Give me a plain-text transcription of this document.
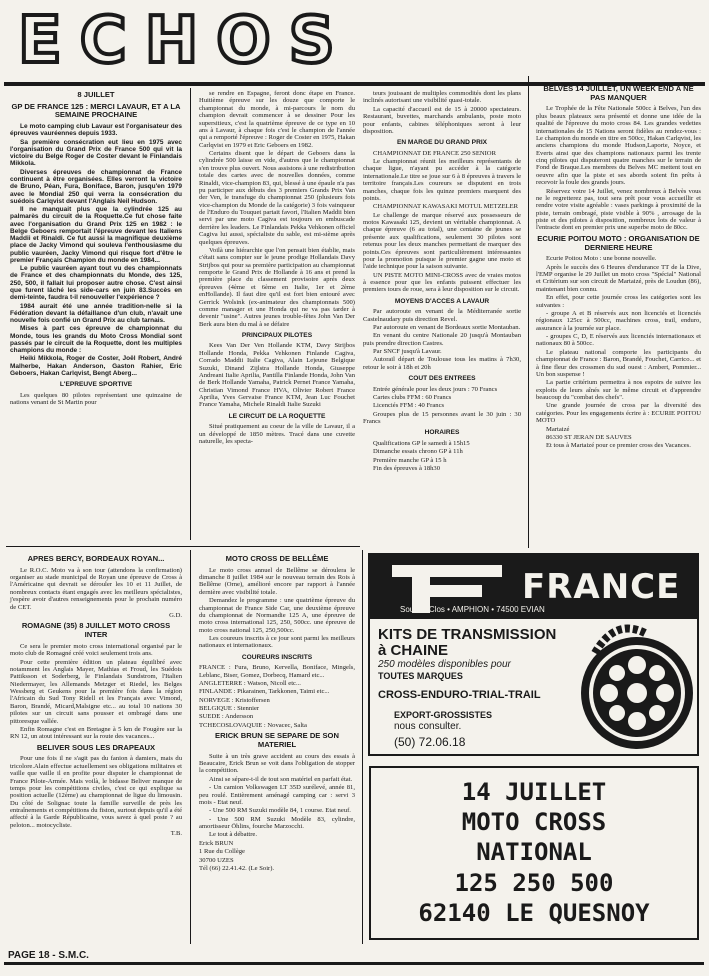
ECHOS
8 JUILLET
GP DE FRANCE 125 : MERCI LAVAUR, ET A LA SEMAINE PROCHAINE

Le moto camping club Lavaur est l'organisateur des épreuves vauréennes depuis 1933.

Sa première consécration eut lieu en 1975 avec l'organisation du Grand Prix de France 500 qui vit la victoire du Belge Roger de Coster devant le Finlandais Mikkola.

Diverses épreuves de championnat de France continuent à être organisées. Elles verront la victoire de Bruno, Péan, Fura, Boniface, Baron, jusqu'en 1979 avec le Mondial 250 qui verra la consécration du suédois Carlqvist devant l'Anglais Neil Hudson.

Il ne manquait plus que la cylindrée 125 au palmarès du circuit de la Roquette.Ce fut chose faite avec l'organisation du Grand Prix 125 en 1982 : le Belge Geboers remportait l'épreuve devant les Italiens Maddii et Rinaldi. Ce fut aussi la magnifique deuxième place de Jacky Vimond qui souleva l'enthousiasme du public vauréen, Jacky Vimond qui risque fort d'être le premier Français Champion du monde en 1984...

Le public vauréen ayant tout vu des championnats de France et des championnats du Monde, des 125, 250, 500, il fallait lui proposer autre chose. C'est ainsi que furent lâché les side-cars en juin 83.Succès en demi-teinte, faudra t-il renouveller l'expérience ?

1984 aurait été une année tradition-nelle si la Fédération devant la défaillance d'un club, n'avait une nouvelle fois confié un Grand Prix au club tarnais.

Mises à part ces épreuve de championnat du Monde, tous les grands du Moto Cross Mondial sont passés par le circuit de la Roquette, dont les multiples champions du monde :

Heiki Mikkola, Roger de Coster, Joël Robert, André Malherbe, Hakan Anderson, Gaston Rahier, Eric Geboers, Hakan Carlqvist, Bengt Aberg...

L'EPREUVE SPORTIVE

Les quelques 80 pilotes représentant une quinzaine de nations venant de St Martin pour

se rendre en Espagne, feront donc étape en France. Huitième épreuve sur les douze que comporte le championnat du monde, à mi-parcours le nom du champion devrait commencer à se dessiner Pour les supersitieux, c'est la quatrième épreuve de ce type en 10 ans à Lavaur, à chaque fois c'est le champion de l'année qui a remporté l'épreuve : Roger de Coster en 1975, Hakan Carlqvist en 1979 et Eric Geboers en 1982.

Certains disent que le départ de Geboers dans la cylindrée 500 laisse en vide, d'autres que le championnat s'en trouve plus ouvert. Nous assistons à une redistribution totale des cartes avec de nouvelles données, comme Rinaldi, vice-champion 83, qui, blessé à une épaule n'a pas pu participer aux débuts des 3 premiers Grands Prix Van der Ven, le transfuge du championnat 250 (plusieurs fois vice-champion du Monde de la catégorie) 3 fois vainqueur de l'Enduro du Touquet partait favori, l'Italien Maddii bien servi par une moto Cagiva est toujours en embuscade derrière les leaders. Le Finlandais Pekka Vehkonen officiel Cagiva lui aussi, spécialiste du sable, est mi-sième après quelques épreuves.

Voilà une hiérarchie que l'on pensait bien établie, mais c'était sans compter sur le jeune prodige Hollandais Davy Strijbos qui pour sa première participation au championnat remporte le Grand Prix de Hollande à 16 ans et prend la première place du classement provisoire après deux épreuves (4ème et 6ème en Italie, 1er et 2ème enHollande). Il faut dire qu'il est fort bien entouré avec Gerrick Wolsink (ex-animateur des championnats 500) comme manager et une Honda qui ne va pas tarder à devenir "usine". Autres jeunes trouble-fêtes John Van Der Berk aura bien du mal à se défaire

PRINCIPAUX PILOTES

Kees Van Der Ven Hollande KTM, Davy Strijbos Hollande Honda, Pekka Vehkonen Finlande Cagiva, Corrado Maddii Italie Cagiva, Alain Lejeune Belgique Suzuki, Dinand Zijlstra Hollande Honda, Giuseppe Andreani Italie Aprilia, Pantilla Finlande Honda, John Van de Berk Hollande Yamaha, Patrick Pernet France Yamaha, Christian Vimond France HVA, Olivier Robert France Aprilia, Yves Gervaise France KTM, Jean Luc Fouchet France Yamaha, Michele Rinaldi Italie Suzuki

LE CIRCUIT DE LA ROQUETTE

Situé pratiquement au coeur de la ville de Lavaur, il a un développé de 1850 mètres. Tracé dans une cuvette naturelle, les specta-

teurs jouissant de multiples commodités dont les plans inclinés autorisant une visibilité quasi-totale.

La capacité d'accueil est de 15 à 20000 spectateurs. Restaurant, buvettes, marchands ambulants, poste moto pour enfants, cabines téléphoniques seront à leur disposition.

EN MARGE DU GRAND PRIX

CHAMPIONNAT DE FRANCE 250 SENIOR

Le championnat réunit les meilleurs représentants de chaque ligue, n'ayant pu accéder à la catégorie internationale.Le titre se joue sur 6 à 8 épreuves à travers le territoire français.Les coureurs se disputent en trois manches, chaque fois les quinze premiers marquent des points.

CHAMPIONNAT KAWASAKI MOTUL METZELER

Le challenge de marque réservé aux possesseurs de motos Kawasaki 125, devient un véritable championnat. A chaque épreuve (6 au total), une centaine de jeunes se présente aux qualifications, seulement 30 pilotes sont retenus pour les deux manches permettant de marquer des points.Ces épreuves sont particulièrement intéressantes pour la promotion puisque le premier gagne une moto et l'aide technique pour la saison suivante.

UN PISTE MOTO MINI-CROSS avec de vraies motos à essence pour que les enfants puissent effectuer les premiers tours de roue, sera à leur disposition sur le circuit.

MOYENS D'ACCES A LAVAUR

Par autoroute en venant de la Méditerranée sortie Castelnaudary puis direction Revel.

Par autoroute en venant de Bordeaux sortie Montauban.

En venant du centre Nationale 20 jusqu'à Montauban puis prendre direction Castres.

Par SNCF jusqu'à Lavaur.

Autorail départ de Toulouse tous les matins à 7h30, retour le soir à 18h et 20h

COUT DES ENTREES

Entrée générale pour les deux jours : 70 Francs

Cartes clubs FFM : 60 Francs

Licenciés FFM : 40 Francs

Groupes plus de 15 personnes avant le 30 juin : 30 Francs

HORAIRES

Qualifications GP le samedi à 15h15

Dimanche essais chrono GP à 11h

Première manche GP à 15 h

Fin des épreuves à 18h30

BELVES 14 JUILLET, UN WEEK END A NE PAS MANQUER

Le Trophée de la Fête Nationale 500cc à Belves, l'un des plus beaux plateaux sera présenté et donne une idée de la qualité de l'épreuve du moto cross 84. Les grandes vedettes internationales de 15 Nations seront fidèles au rendez-vous : Le champion du monde en titre en 500cc, Hakan Carlqvist, les anciens champions du monde Hudson,Laporte, Noyce, et Everts ainsi que des champions nationaux parmi les trente cinq pilotes qui disputeront quatre manches sur le terrain de Fond de Braque.Les membres du Belves MC mettent tout en oeuvre afin que la piste et ses abords soient fin prêts à recevoir la foule des grands jours.

Réservez votre 14 Juillet, venez nombreux à Belvès vous ne le regretterez pas, tout sera prêt pour vous accueillir et rendre votre visite agréable : vases parkings à proximité de la piste, terrain ombragé, piste visible à 90% , arrosage de la piste et des pilotes à disposition, nombreux lots de valeur à l'entracte dont en premier prix une superbe moto de 80cc.

ECURIE POITOU MOTO : ORGANISATION DE DERNIERE HEURE

Ecurie Poitou Moto : une bonne nouvelle.

Après le succès des 6 Heures d'endurance TT de la Dive, l'EMP organise le 29 Juillet un moto cross "Spécial" National et Critérium sur son circuit de Martaizé, près de Loudun (86), maintenant bien connu.

En effet, pour cette journée cross les catégories sont les suivantes :

- groupe A et B réservés aux non licenciés et licenciés régionaux 125cc à 500cc, machines cross, trail, enduro, assurance à la journée sur place.

- groupes C, D, E réservés aux licenciés internationaux et nationaux 80 à 500cc.

Le plateau national comporte les participants du championnat de France : Baron, Brandé, Fouchet, Carrico... et à fine fleur des crossmen du sud ouest : Ambert, Pommier... Un bon suspense !

La partie critérium permettra à nos espoirs de suivre les exploits de leurs aînés sur le même circuit et d'apprendre beaucoup du "combat des chefs".

Une grande journée de cross par la diversité des catégories. Pour les engagements écrire à : ECURIE POITOU MOTO

Martaizé

86330 ST JERAN DE SAUVES

Et tous à Martaizé pour ce premier cross des Vacances.

APRES BERCY, BORDEAUX ROYAN...

Le R.O.C. Moto va à son tour (attendons la confirmation) organiser au stade municipal de Royan une épreuve de Cross à l'Américaine qui devrait se dérouler les 10 et 11 Juillet, de nombreux contacts étant engagés avec les meilleurs spécialistes, j'espère avoir d'autres renseignements pour le prochain numéro de CET.

G.D.

ROMAGNE (35) 8 JUILLET MOTO CROSS INTER

Ce sera le premier moto cross international organisé par le moto club de Romagné créé voici seulement trois ans.

Pour cette première édition un plateau équilibré avec notamment les Anglais Mayer, Mathias et Froud, les Suédois Pattiksson et Soderberg, le Finlandais Sundstrom, l'Italien Niedermayer, les Allemands Metzger et Riedel, les Belges Wessberg et Geukens pour la première fois dans la région l'Africain du Sud Tony Ridell et les Français avec Vimond, Baron, Brandé, Micard,Malsigne etc... au total 10 nations 30 pilotes sur un circuit sans pousser et ombragé dans une pittoresque vallée.

Enfin Romagne c'est en Bretagne à 5 km de Fougère sur la RN 12, un atout intéressant sur la route des vacances...

BELIVER SOUS LES DRAPEAUX

Pour une fois il ne s'agit pas du fanion à damiers, mais du tricolore.Alain effectue actuellement ses obligations militaires et vaille que vaille il en profite pour disputer le championnat de France Pilote-Armée. Mais voilà, le bidasse Beliver manque de temps pour les compétitions civiles, c'est ce qui explique sa position actuelle (12ème) au championnat de ligue du limousin. Du côté de Solignac toute la famille surveille de près les entraînements et compétitions du fiston, surtout depuis qu'il a été affecté à la Garde Républicaine, vous savez à quel poste ? au peloton... motocycliste.

T.B.

MOTO CROSS DE BELLÊME

Le moto cross annuel de Bellême se déroulera le dimanche 8 juillet 1984 sur le nouveau terrain des Rois à Bellême (Orne), amélioré encore par rapport à l'année dernière avec visibilité totale.

Demandez le programme : une quatrième épreuve du championnat de France Side Car, une deuxième épreuve du championnat de Normandie 125 A, une épreuve de moto cross international 125, 250, 500cc. une épreuve de moto cross national 125, 250,500cc.

Les coureurs inscrits à ce jour sont parmi les meilleurs nationaux et internationaux.

COUREURS INSCRITS

FRANCE : Fura, Bruno, Kervella, Boniface, Mingels, Leblanc, Biser, Gomez, Dorbecq, Hamard etc...

ANGLETERRE : Watson, Nicoll etc...

FINLANDE : Pikarainen, Tarkkonen, Taimi etc...

NORVEGE : Kristoffersen

BELGIQUE : Stennier

SUEDE : Andersson

TCHECOSLOVAQUIE : Novacec, Salta

ERICK BRUN SE SEPARE DE SON MATERIEL

Suite à un très grave accident au cours des essais à Beaucaire, Erick Brun se voit dans l'obligation de stopper la compétition.

Ainsi se sépare-t-il de tout son matériel en parfait état.

- Un camion Volkswagen LT 35D surélevé, année 81, peu roulé. Entièrement aménagé camping car : servi 3 mois - Etat neuf.

- Une 500 RM Suzuki modèle 84, 1 course. Etat neuf.

- Une 500 RM Suzuki Modèle 83, cylindre, amortisseur Öhlins, fourche Marzocchi.

Le tout à débattre.

Erick BRUN

1 Rue du Collège

30700 UZES

Tél (66) 22.41.42. (Le Soir).

FRANCE
Sous le Clos • AMPHION • 74500 EVIAN
KITS DE TRANSMISSION à CHAINE
250 modèles disponibles pour
TOUTES MARQUES
CROSS-ENDURO-TRIAL-TRAIL
EXPORT-GROSSISTES
nous consulter.
(50) 72.06.18
14 JUILLET
MOTO CROSS
NATIONAL
125 250 500
62140 LE QUESNOY
PAGE 18 - S.M.C.
